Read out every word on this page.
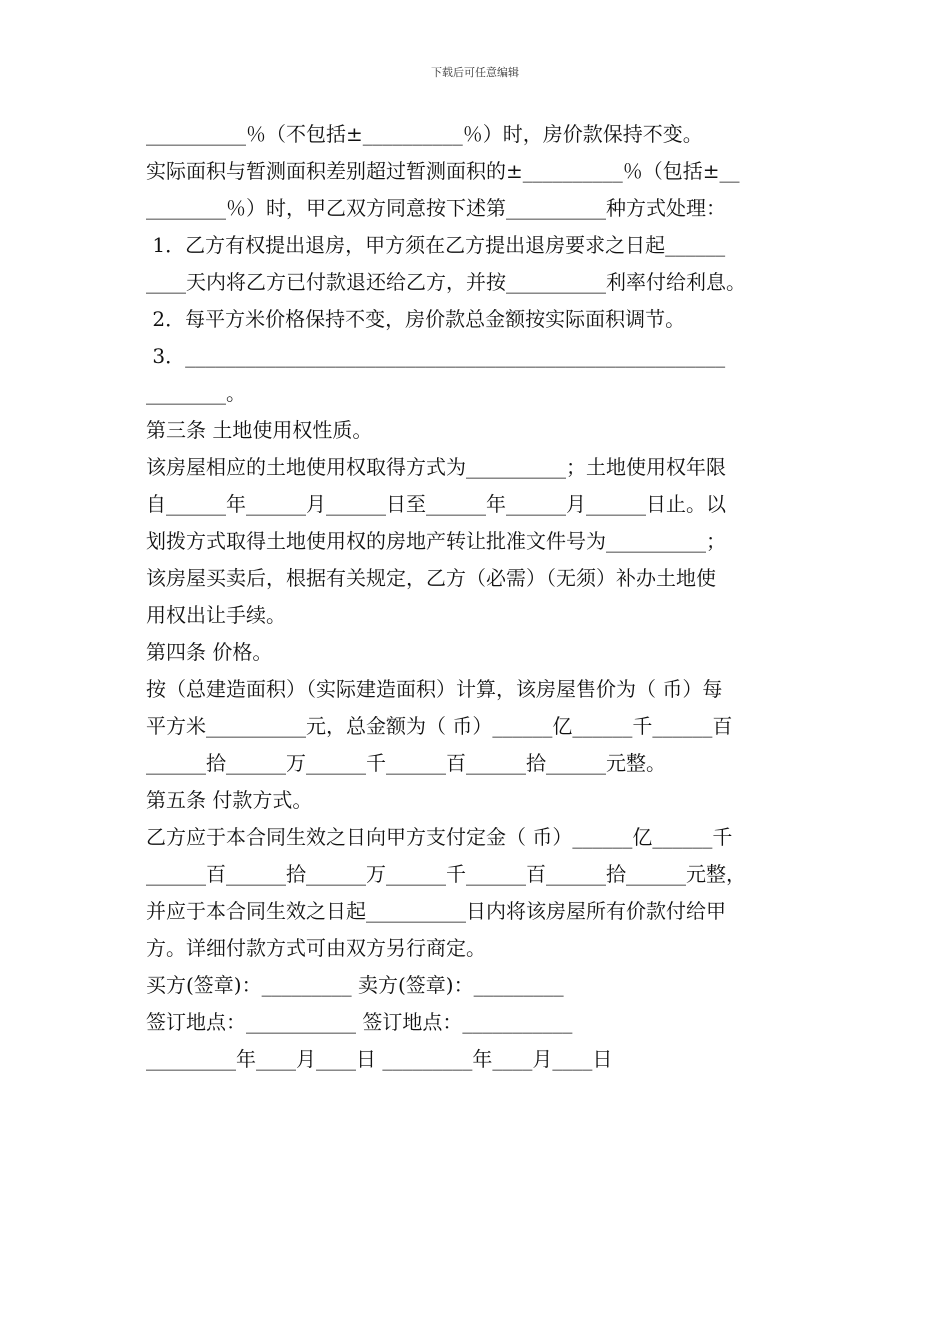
下载后可任意编辑
__________％（不包括±__________％）时，房价款保持不变。
实际面积与暂测面积差别超过暂测面积的±__________％（包括±__
________％）时，甲乙双方同意按下述第__________种方式处理：
1．乙方有权提出退房，甲方须在乙方提出退房要求之日起______
____天内将乙方已付款退还给乙方，并按__________利率付给利息。
2．每平方米价格保持不变，房价款总金额按实际面积调节。
3．______________________________________________________
________。
第三条 土地使用权性质。
该房屋相应的土地使用权取得方式为__________；土地使用权年限
自______年______月______日至______年______月______日止。以
划拨方式取得土地使用权的房地产转让批准文件号为__________；
该房屋买卖后，根据有关规定，乙方（必需）（无须）补办土地使
用权出让手续。
第四条 价格。
按（总建造面积）（实际建造面积）计算，该房屋售价为（ 币）每
平方米__________元，总金额为（ 币）______亿______千______百
______拾______万______千______百______拾______元整。
第五条 付款方式。
乙方应于本合同生效之日向甲方支付定金（ 币）______亿______千
______百______拾______万______千______百______拾______元整，
并应于本合同生效之日起__________日内将该房屋所有价款付给甲
方。详细付款方式可由双方另行商定。
买方(签章)：_________ 卖方(签章)：_________
签订地点：___________ 签订地点：___________
_________年____月____日 _________年____月____日
